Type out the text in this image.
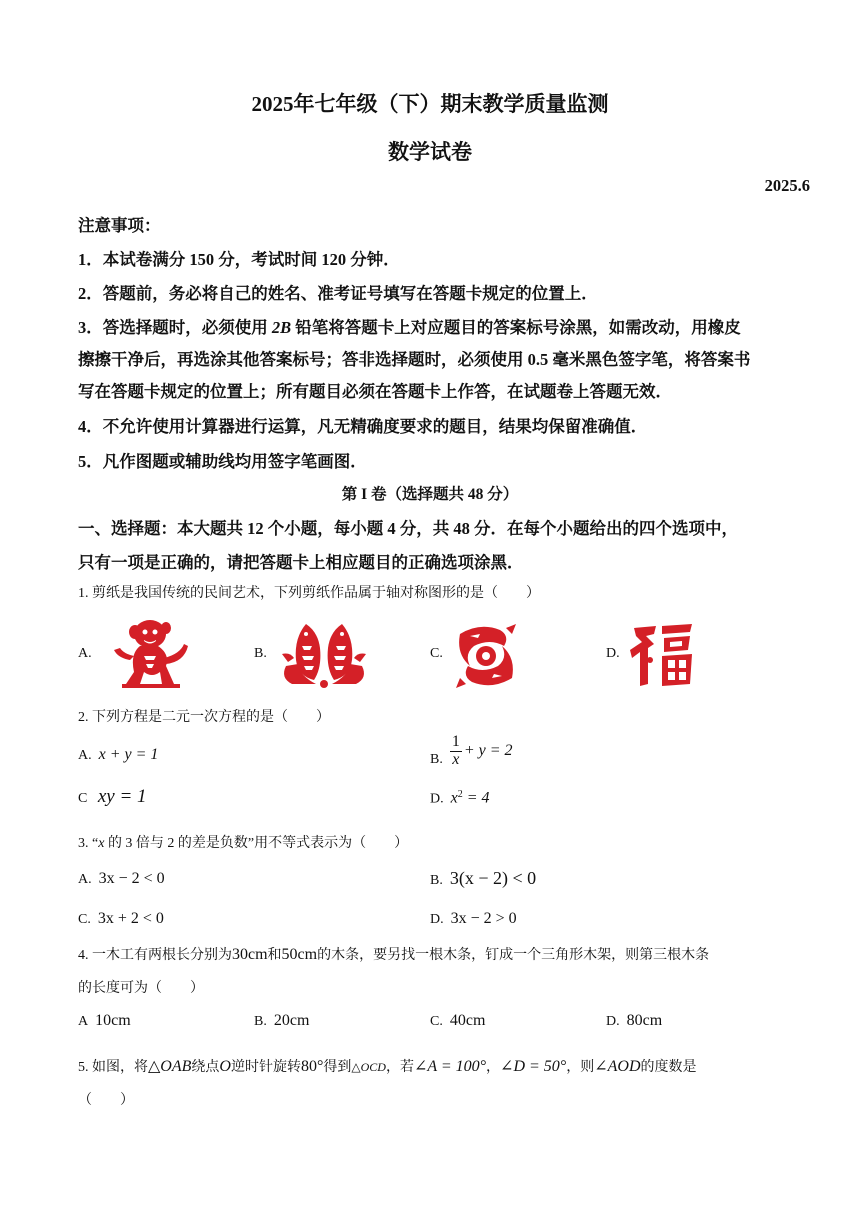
2025年七年级（下）期末教学质量监测
数学试卷
2025.6
注意事项：
1．本试卷满分 150 分，考试时间 120 分钟．
2．答题前，务必将自己的姓名、准考证号填写在答题卡规定的位置上．
3．答选择题时，必须使用 2B 铅笔将答题卡上对应题目的答案标号涂黑，如需改动，用橡皮
擦擦干净后，再选涂其他答案标号；答非选择题时，必须使用 0.5 毫米黑色签字笔，将答案书
写在答题卡规定的位置上；所有题目必须在答题卡上作答，在试题卷上答题无效．
4．不允许使用计算器进行运算，凡无精确度要求的题目，结果均保留准确值．
5．凡作图题或辅助线均用签字笔画图．
第 I 卷（选择题共 48 分）
一、选择题：本大题共 12 个小题，每小题 4 分，共 48 分．在每个小题给出的四个选项中，
只有一项是正确的，请把答题卡上相应题目的正确选项涂黑．
1. 剪纸是我国传统的民间艺术，下列剪纸作品属于轴对称图形的是（　　）
A.	B.	C.	D.
2. 下列方程是二元一次方程的是（　　）
A. x + y = 1	B.
$\frac{1}{x} + y = 2$
C xy = 1	D. $x^2 = 4$
3. “x 的 3 倍与 2 的差是负数”用不等式表示为（　　）
A. 3x − 2 < 0	B. 3(x − 2) < 0
C. 3x + 2 < 0	D. 3x − 2 > 0
4. 一木工有两根长分别为30cm和50cm的木条，要另找一根木条，钉成一个三角形木架，则第三根木条
的长度可为（　　）
A 10cm	B. 20cm	C. 40cm	D. 80cm
5. 如图，将△OAB绕点O逆时针旋转80°得到△OCD，若∠A = 100°，∠D = 50°，则∠AOD的度数是
（　　）
